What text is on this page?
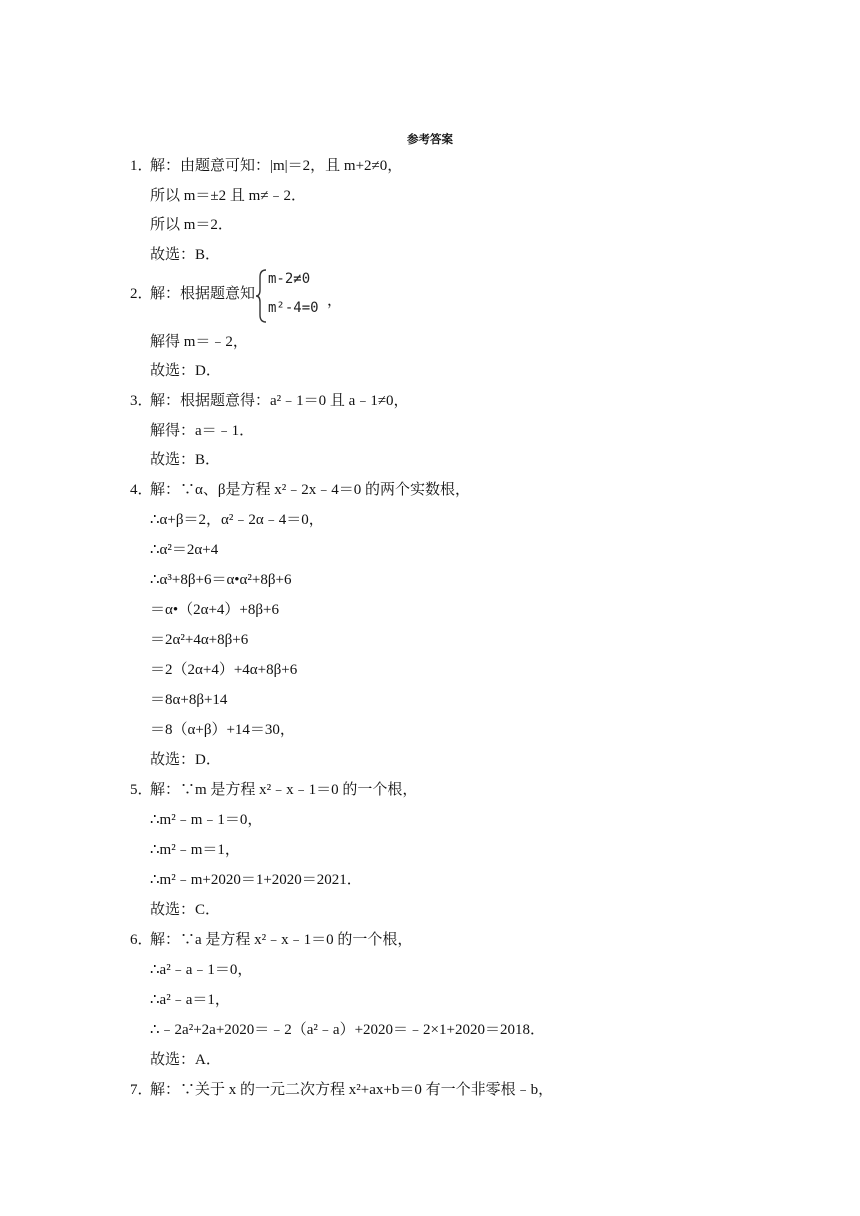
参考答案
1．
解：由题意可知：|m|＝2，且 m+2≠0，
所以 m＝±2 且 m≠﹣2．
所以 m＝2．
故选：B．
2．
解：根据题意知
解得 m＝﹣2，
故选：D．
3．
解：根据题意得：a²﹣1＝0 且 a﹣1≠0，
解得：a＝﹣1．
故选：B．
4．
解：∵α、β是方程 x²﹣2x﹣4＝0 的两个实数根，
∴α+β＝2，α²﹣2α﹣4＝0，
∴α²＝2α+4
∴α³+8β+6＝α•α²+8β+6
＝α•（2α+4）+8β+6
＝2α²+4α+8β+6
＝2（2α+4）+4α+8β+6
＝8α+8β+14
＝8（α+β）+14＝30，
故选：D．
5．
解：∵m 是方程 x²﹣x﹣1＝0 的一个根，
∴m²﹣m﹣1＝0，
∴m²﹣m＝1，
∴m²﹣m+2020＝1+2020＝2021．
故选：C．
6．
解：∵a 是方程 x²﹣x﹣1＝0 的一个根，
∴a²﹣a﹣1＝0，
∴a²﹣a＝1，
∴﹣2a²+2a+2020＝﹣2（a²﹣a）+2020＝﹣2×1+2020＝2018．
故选：A．
7．
解：∵关于 x 的一元二次方程 x²+ax+b＝0 有一个非零根﹣b，
m-2≠0
m²-4=0 ，
